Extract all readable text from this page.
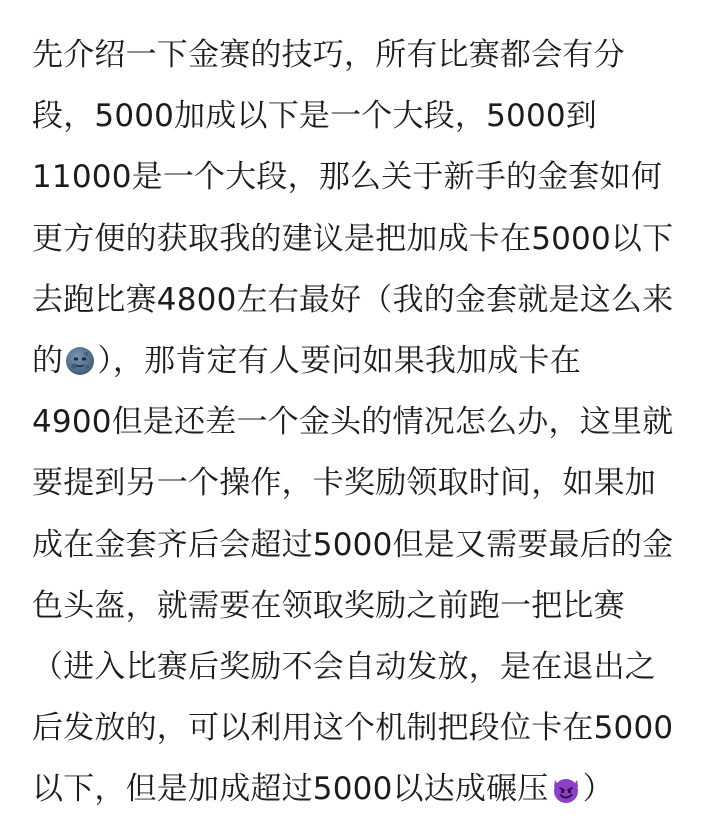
先介绍一下金赛的技巧，所有比赛都会有分
段，5000加成以下是一个大段，5000到
11000是一个大段，那么关于新手的金套如何
更方便的获取我的建议是把加成卡在5000以下
去跑比赛4800左右最好（我的金套就是这么来
的 ），那肯定有人要问如果我加成卡在
4900但是还差一个金头的情况怎么办，这里就
要提到另一个操作，卡奖励领取时间，如果加
成在金套齐后会超过5000但是又需要最后的金
色头盔，就需要在领取奖励之前跑一把比赛
（进入比赛后奖励不会自动发放，是在退出之
后发放的，可以利用这个机制把段位卡在5000
以下，但是加成超过5000以达成碾压 ）
